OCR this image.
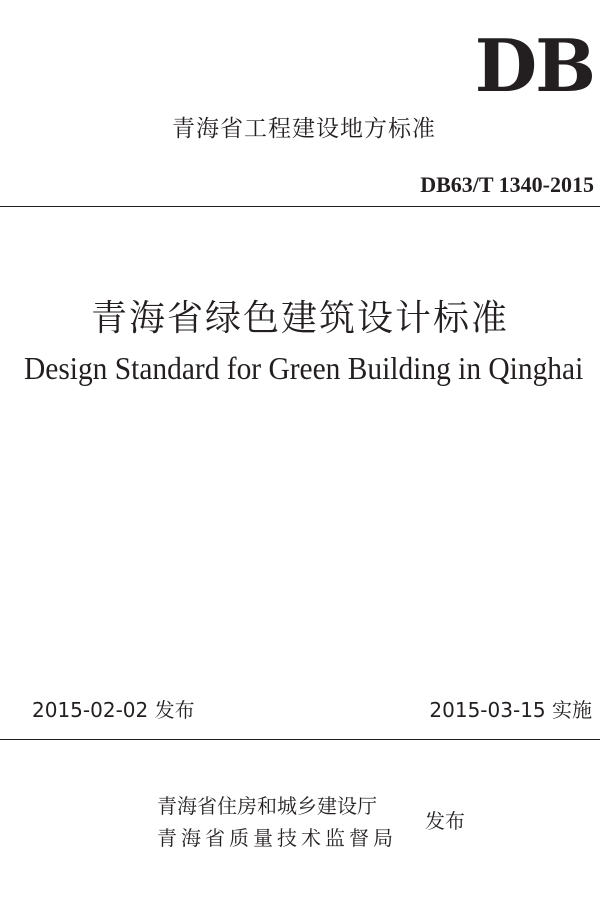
DB
青海省工程建设地方标准
DB63/T 1340-2015
青海省绿色建筑设计标准
Design Standard for Green Building in Qinghai
2015-02-02 发布	2015-03-15 实施
青海省住房和城乡建设厅
青海省质量技术监督局
发布
